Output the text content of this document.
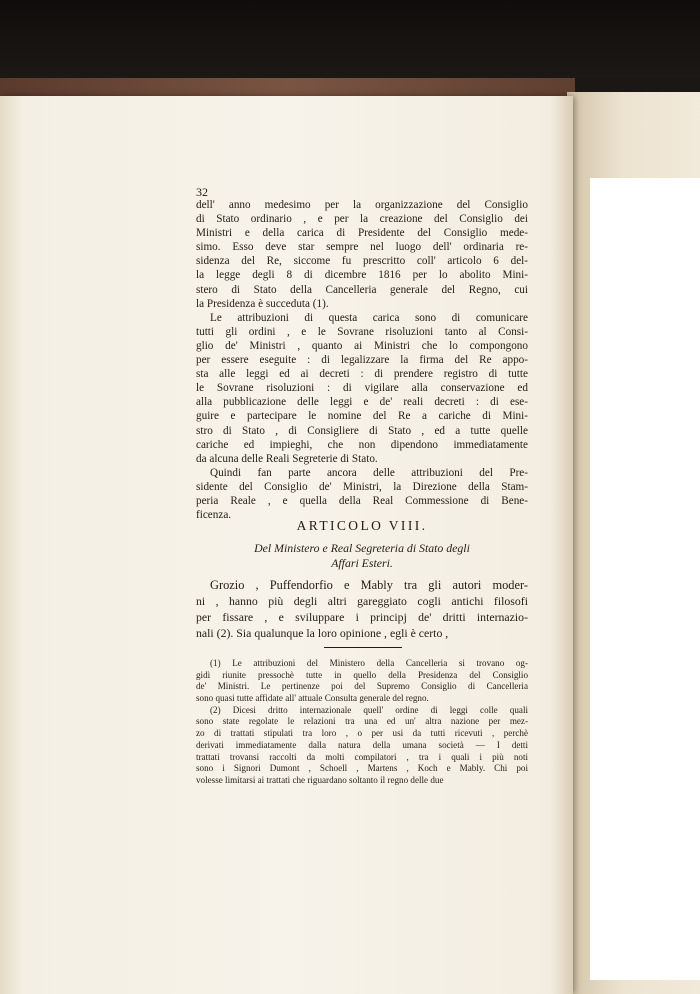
32
dell' anno medesimo per la organizzazione del Consiglio
di Stato ordinario , e per la creazione del Consiglio dei
Ministri e della carica di Presidente del Consiglio mede-
simo. Esso deve star sempre nel luogo dell' ordinaria re-
sidenza del Re, siccome fu prescritto coll' articolo 6 del-
la legge degli 8 di dicembre 1816 per lo abolito Mini-
stero di Stato della Cancelleria generale del Regno, cui
la Presidenza è succeduta (1).
Le attribuzioni di questa carica sono di comunicare
tutti gli ordini , e le Sovrane risoluzioni tanto al Consi-
glio de' Ministri , quanto ai Ministri che lo compongono
per essere eseguite : di legalizzare la firma del Re appo-
sta alle leggi ed ai decreti : di prendere registro di tutte
le Sovrane risoluzioni : di vigilare alla conservazione ed
alla pubblicazione delle leggi e de' reali decreti : di ese-
guire e partecipare le nomine del Re a cariche di Mini-
stro di Stato , di Consigliere di Stato , ed a tutte quelle
cariche ed impieghi, che non dipendono immediatamente
da alcuna delle Reali Segreterie di Stato.
Quindi fan parte ancora delle attribuzioni del Pre-
sidente del Consiglio de' Ministri, la Direzione della Stam-
peria Reale , e quella della Real Commessione di Bene-
ficenza.
ARTICOLO VIII.
Del Ministero e Real Segreteria di Stato degli
Affari Esteri.
Grozio , Puffendorfio e Mably tra gli autori moder-
ni , hanno più degli altri gareggiato cogli antichi filosofi
per fissare , e sviluppare i principj de' dritti internazio-
nali (2). Sia qualunque la loro opinione , egli è certo ,
(1) Le attribuzioni del Ministero della Cancelleria si trovano og-
gidì riunite pressochè tutte in quello della Presidenza del Consiglio
de' Ministri. Le pertinenze poi del Supremo Consiglio di Cancelleria
sono quasi tutte affidate all' attuale Consulta generale del regno.
(2) Dicesi dritto internazionale quell' ordine di leggi colle quali
sono state regolate le relazioni tra una ed un' altra nazione per mez-
zo di trattati stipulati tra loro , o per usi da tutti ricevuti , perchè
derivati immediatamente dalla natura della umana società — I detti
trattati trovansi raccolti da molti compilatori , tra i quali i più noti
sono i Signori Dumont , Schoell , Martens , Koch e Mably. Chi poi
volesse limitarsi ai trattati che riguardano soltanto il regno delle due
